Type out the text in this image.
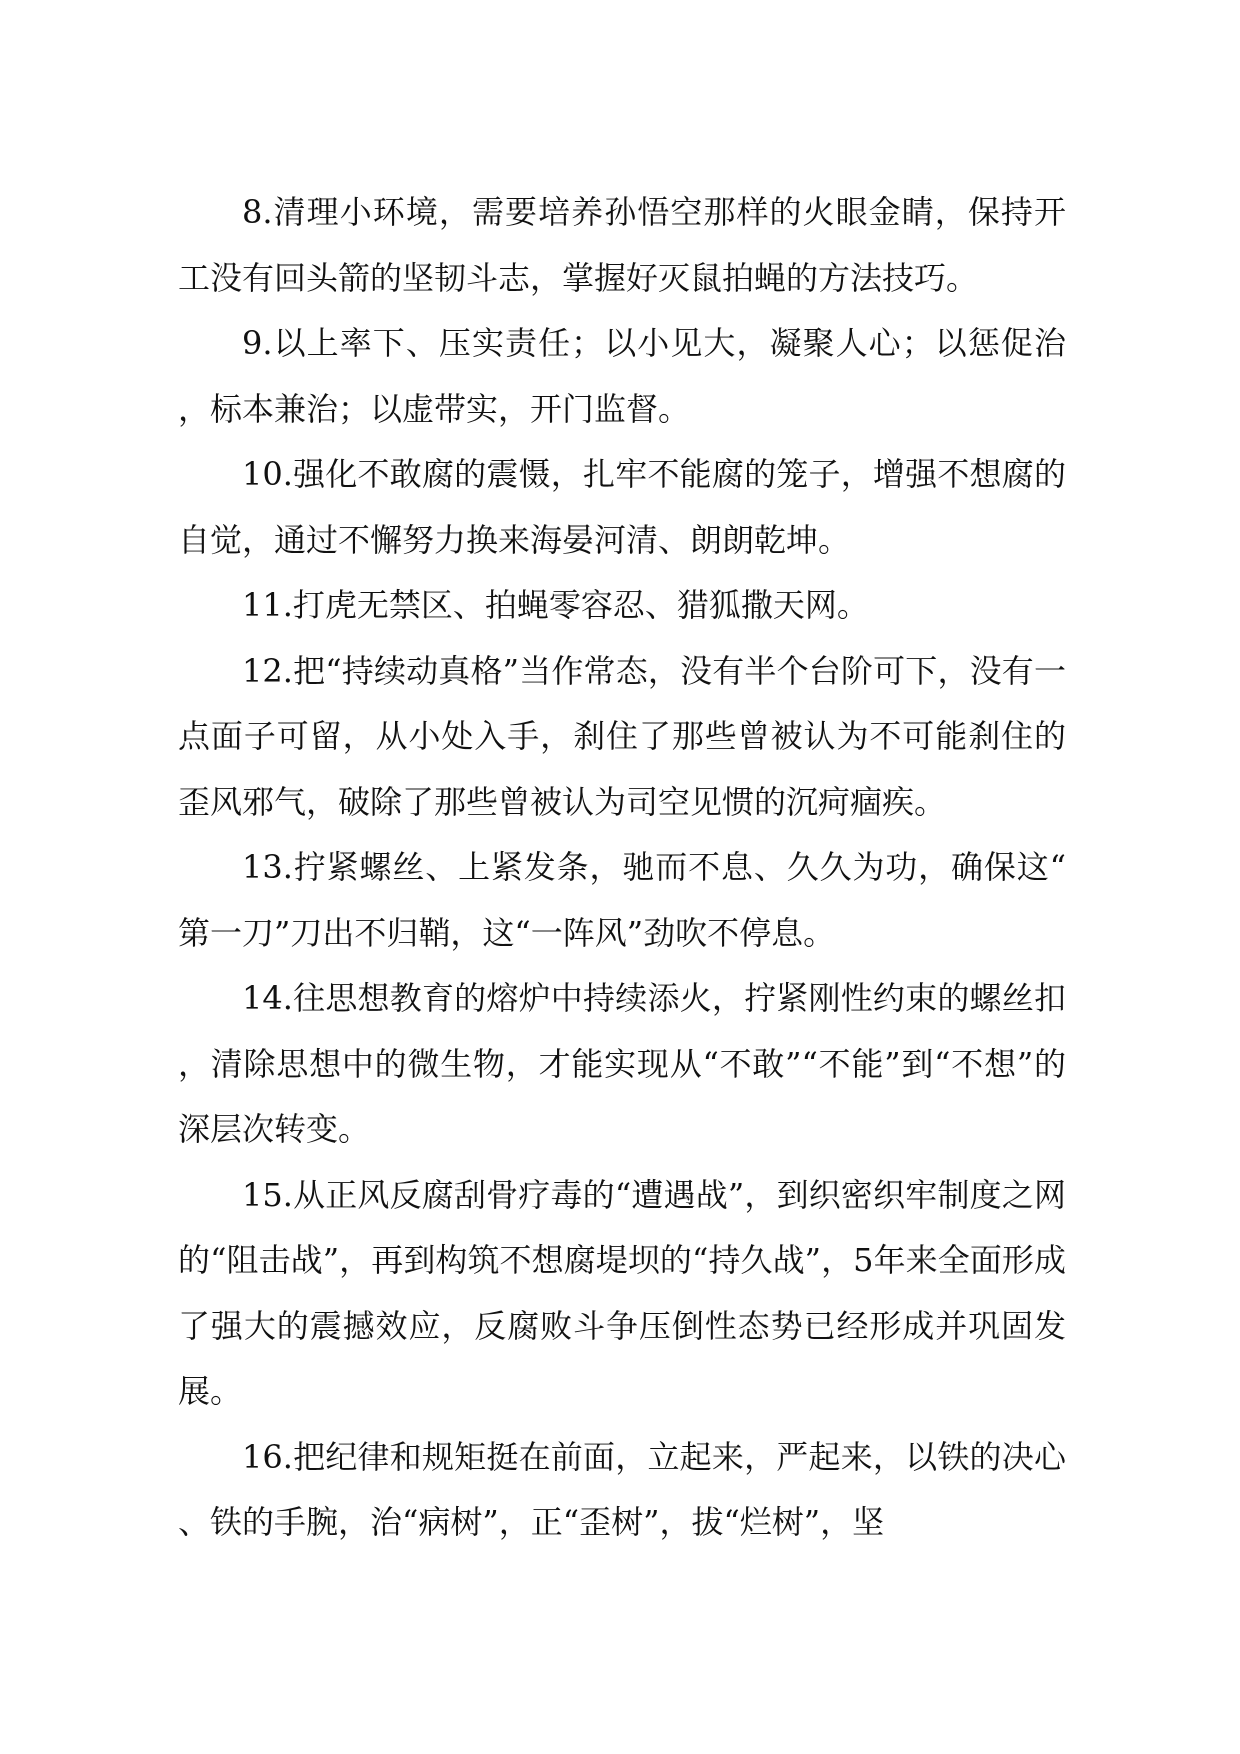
8.清理小环境，需要培养孙悟空那样的火眼金睛，保持开工没有回头箭的坚韧斗志，掌握好灭鼠拍蝇的方法技巧。

9.以上率下、压实责任；以小见大，凝聚人心；以惩促治，标本兼治；以虚带实，开门监督。

10.强化不敢腐的震慑，扎牢不能腐的笼子，增强不想腐的自觉，通过不懈努力换来海晏河清、朗朗乾坤。

11.打虎无禁区、拍蝇零容忍、猎狐撒天网。

12.把“持续动真格”当作常态，没有半个台阶可下，没有一点面子可留，从小处入手，刹住了那些曾被认为不可能刹住的歪风邪气，破除了那些曾被认为司空见惯的沉疴痼疾。

13.拧紧螺丝、上紧发条，驰而不息、久久为功，确保这“第一刀”刀出不归鞘，这“一阵风”劲吹不停息。

14.往思想教育的熔炉中持续添火，拧紧刚性约束的螺丝扣，清除思想中的微生物，才能实现从“不敢”“不能”到“不想”的深层次转变。

15.从正风反腐刮骨疗毒的“遭遇战”，到织密织牢制度之网的“阻击战”，再到构筑不想腐堤坝的“持久战”，5年来全面形成了强大的震撼效应，反腐败斗争压倒性态势已经形成并巩固发展。

16.把纪律和规矩挺在前面，立起来，严起来，以铁的决心、铁的手腕，治“病树”，正“歪树”，拔“烂树”，坚
